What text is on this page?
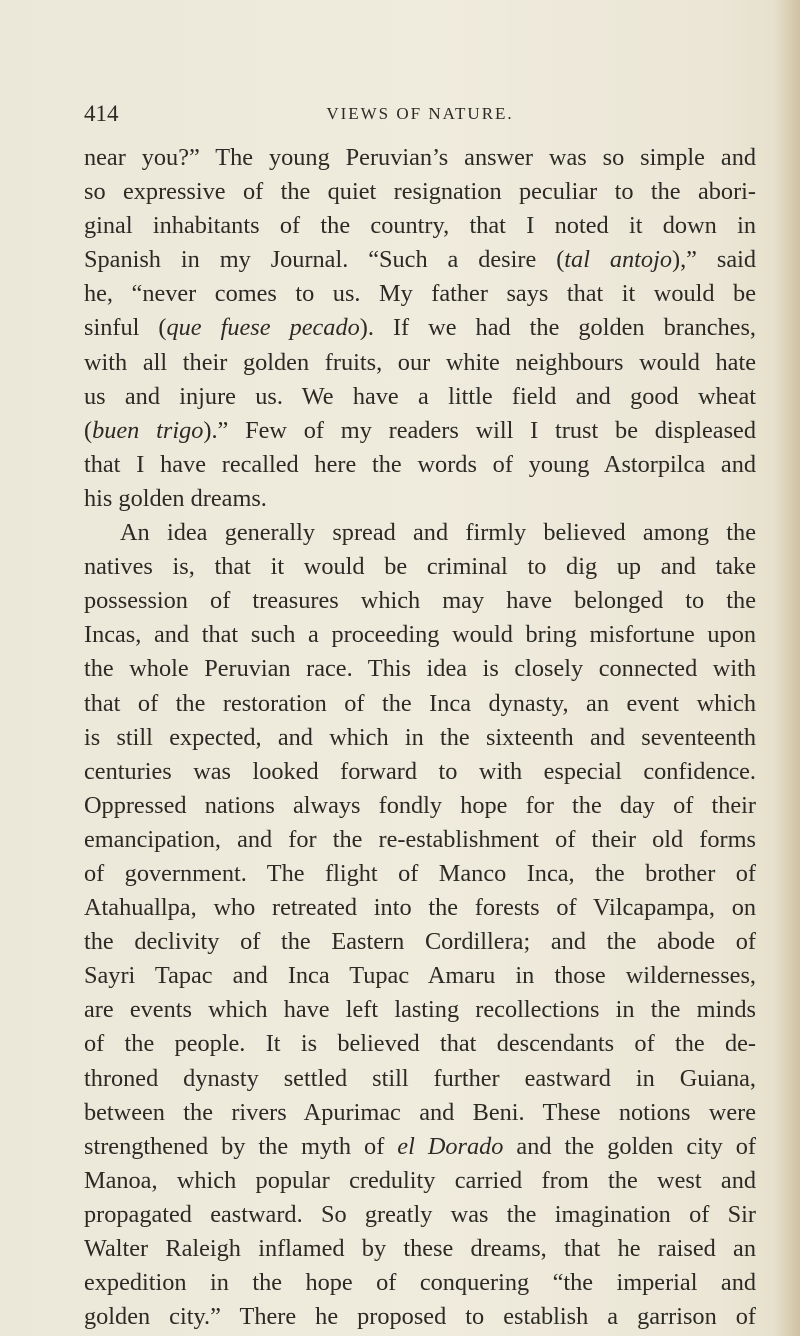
414	VIEWS OF NATURE.
near you?” The young Peruvian’s answer was so simple and
so expressive of the quiet resignation peculiar to the abori-
ginal inhabitants of the country, that I noted it down in
Spanish in my Journal. “Such a desire (tal antojo),” said
he, “never comes to us. My father says that it would be
sinful (que fuese pecado). If we had the golden branches,
with all their golden fruits, our white neighbours would hate
us and injure us. We have a little field and good wheat
(buen trigo).” Few of my readers will I trust be displeased
that I have recalled here the words of young Astorpilca and
his golden dreams.
An idea generally spread and firmly believed among the
natives is, that it would be criminal to dig up and take
possession of treasures which may have belonged to the
Incas, and that such a proceeding would bring misfortune upon
the whole Peruvian race. This idea is closely connected with
that of the restoration of the Inca dynasty, an event which
is still expected, and which in the sixteenth and seventeenth
centuries was looked forward to with especial confidence.
Oppressed nations always fondly hope for the day of their
emancipation, and for the re-establishment of their old forms
of government. The flight of Manco Inca, the brother of
Atahuallpa, who retreated into the forests of Vilcapampa, on
the declivity of the Eastern Cordillera; and the abode of
Sayri Tapac and Inca Tupac Amaru in those wildernesses,
are events which have left lasting recollections in the minds
of the people. It is believed that descendants of the de-
throned dynasty settled still further eastward in Guiana,
between the rivers Apurimac and Beni. These notions were
strengthened by the myth of el Dorado and the golden city of
Manoa, which popular credulity carried from the west and
propagated eastward. So greatly was the imagination of Sir
Walter Raleigh inflamed by these dreams, that he raised an
expedition in the hope of conquering “the imperial and
golden city.” There he proposed to establish a garrison of
